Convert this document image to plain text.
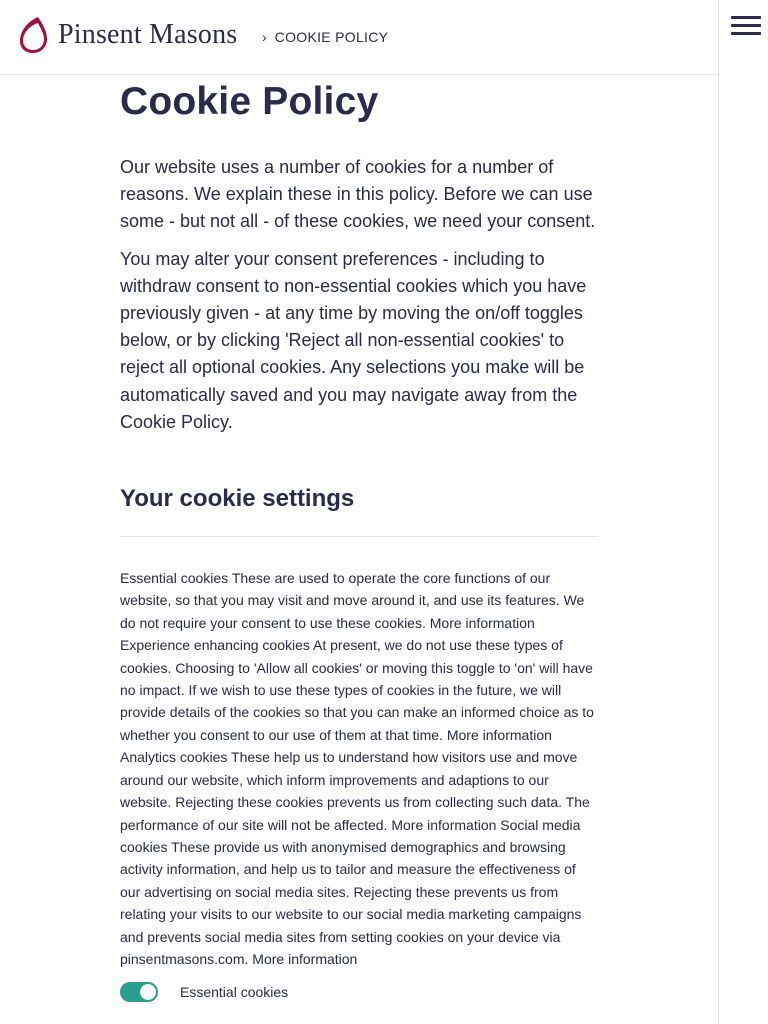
Pinsent Masons › COOKIE POLICY
Cookie Policy

Our website uses a number of cookies for a number of reasons. We explain these in this policy. Before we can use some - but not all - of these cookies, we need your consent.

You may alter your consent preferences - including to withdraw consent to non-essential cookies which you have previously given - at any time by moving the on/off toggles below, or by clicking 'Reject all non-essential cookies' to reject all optional cookies. Any selections you make will be automatically saved and you may navigate away from the Cookie Policy.

Your cookie settings

Essential cookies These are used to operate the core functions of our website, so that you may visit and move around it, and use its features. We do not require your consent to use these cookies. More information Experience enhancing cookies At present, we do not use these types of cookies. Choosing to 'Allow all cookies' or moving this toggle to 'on' will have no impact. If we wish to use these types of cookies in the future, we will provide details of the cookies so that you can make an informed choice as to whether you consent to our use of them at that time. More information Analytics cookies These help us to understand how visitors use and move around our website, which inform improvements and adaptions to our website. Rejecting these cookies prevents us from collecting such data. The performance of our site will not be affected. More information Social media cookies These provide us with anonymised demographics and browsing activity information, and help us to tailor and measure the effectiveness of our advertising on social media sites. Rejecting these prevents us from relating your visits to our website to our social media marketing campaigns and prevents social media sites from setting cookies on your device via pinsentmasons.com. More information

Essential cookies
